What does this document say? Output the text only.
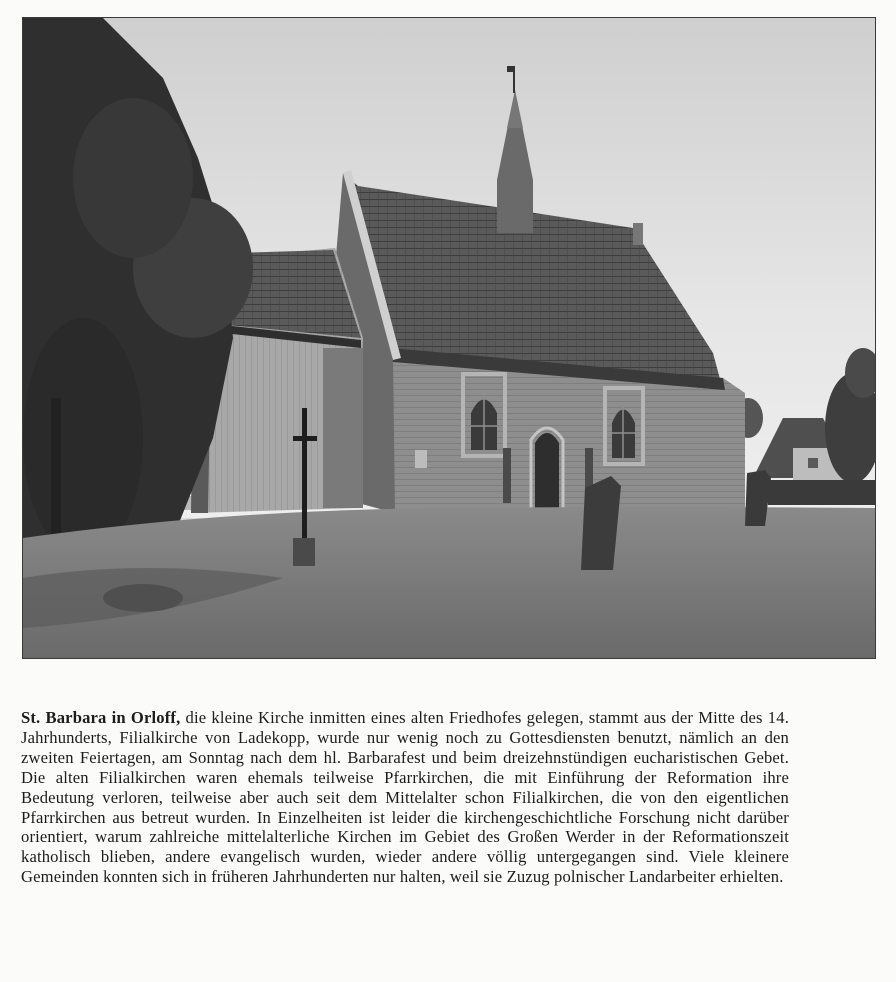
St. Barbara in Orloff, die kleine Kirche inmitten eines alten Friedhofes gelegen, stammt aus der Mitte des 14. Jahrhunderts, Filialkirche von Ladekopp, wurde nur wenig noch zu Gottesdiensten benutzt, nämlich an den zweiten Feiertagen, am Sonntag nach dem hl. Barbarafest und beim dreizehnstündigen eucharistischen Gebet. Die alten Filialkirchen waren ehemals teilweise Pfarrkirchen, die mit Einführung der Reformation ihre Bedeutung verloren, teilweise aber auch seit dem Mittelalter schon Filialkirchen, die von den eigentlichen Pfarrkirchen aus betreut wurden. In Einzelheiten ist leider die kirchengeschichtliche Forschung nicht darüber orientiert, warum zahlreiche mittelalterliche Kirchen im Gebiet des Großen Werder in der Reformationszeit katholisch blieben, andere evangelisch wurden, wieder andere völlig untergegangen sind. Viele kleinere Gemeinden konnten sich in früheren Jahrhunderten nur halten, weil sie Zuzug polnischer Landarbeiter erhielten.
